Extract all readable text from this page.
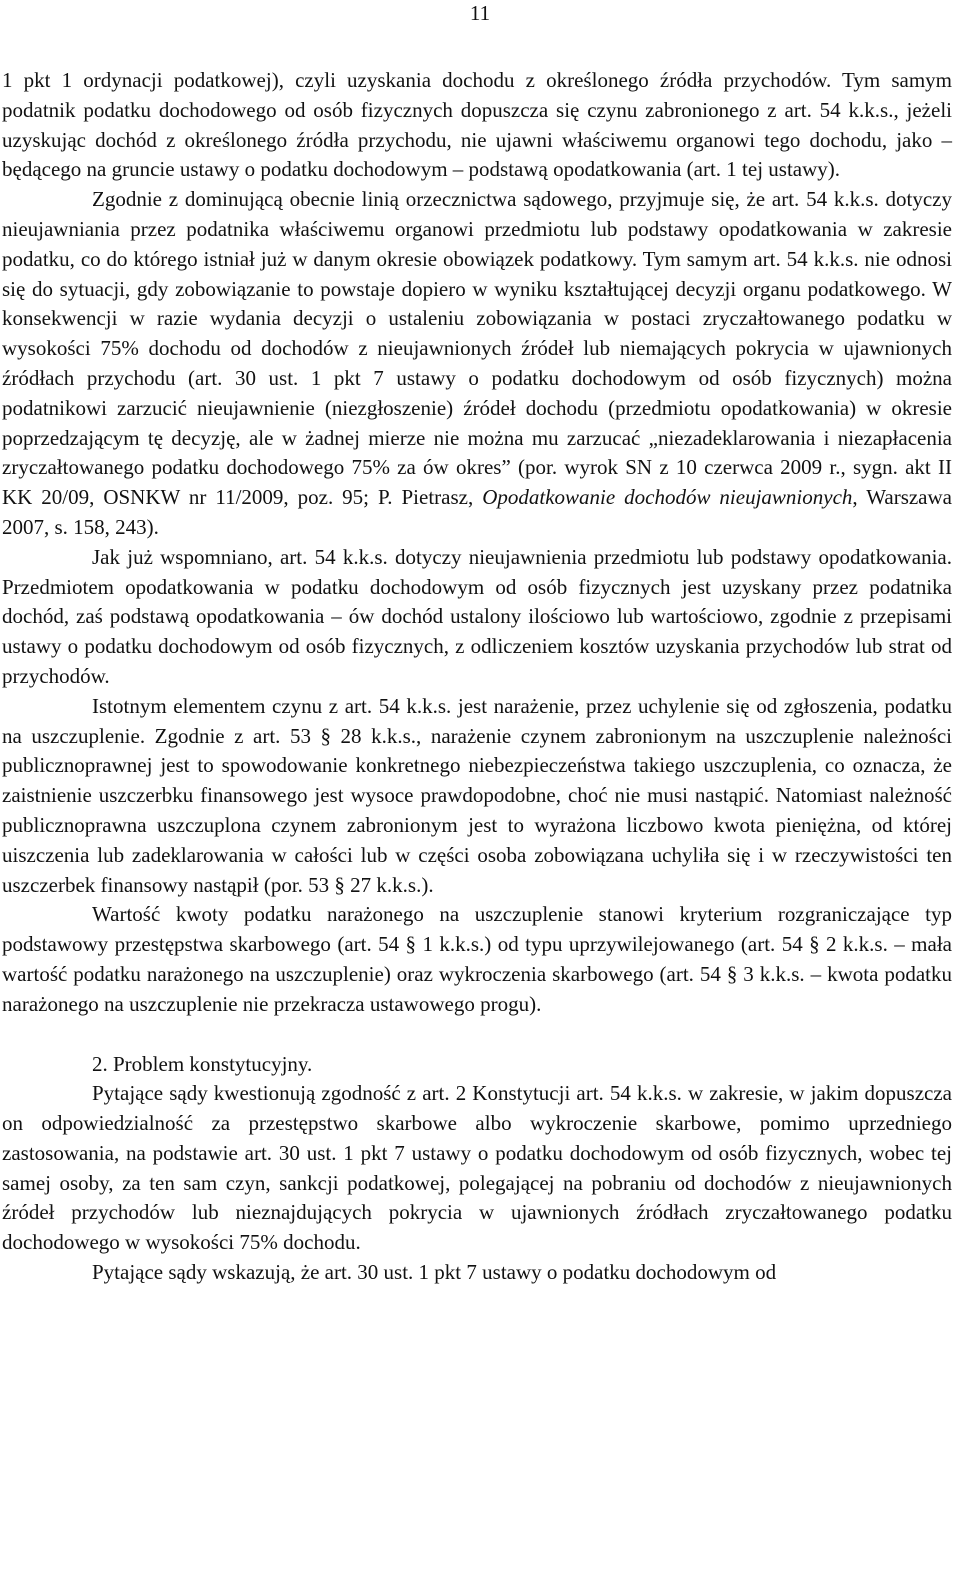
11

1 pkt 1 ordynacji podatkowej), czyli uzyskania dochodu z określonego źródła przychodów. Tym samym podatnik podatku dochodowego od osób fizycznych dopuszcza się czynu zabronionego z art. 54 k.k.s., jeżeli uzyskując dochód z określonego źródła przychodu, nie ujawni właściwemu organowi tego dochodu, jako – będącego na gruncie ustawy o podatku dochodowym – podstawą opodatkowania (art. 1 tej ustawy).

Zgodnie z dominującą obecnie linią orzecznictwa sądowego, przyjmuje się, że art. 54 k.k.s. dotyczy nieujawniania przez podatnika właściwemu organowi przedmiotu lub podstawy opodatkowania w zakresie podatku, co do którego istniał już w danym okresie obowiązek podatkowy. Tym samym art. 54 k.k.s. nie odnosi się do sytuacji, gdy zobowiązanie to powstaje dopiero w wyniku kształtującej decyzji organu podatkowego. W konsekwencji w razie wydania decyzji o ustaleniu zobowiązania w postaci zryczałtowanego podatku w wysokości 75% dochodu od dochodów z nieujawnionych źródeł lub niemających pokrycia w ujawnionych źródłach przychodu (art. 30 ust. 1 pkt 7 ustawy o podatku dochodowym od osób fizycznych) można podatnikowi zarzucić nieujawnienie (niezgłoszenie) źródeł dochodu (przedmiotu opodatkowania) w okresie poprzedzającym tę decyzję, ale w żadnej mierze nie można mu zarzucać „niezadeklarowania i niezapłacenia zryczałtowanego podatku dochodowego 75% za ów okres” (por. wyrok SN z 10 czerwca 2009 r., sygn. akt II KK 20/09, OSNKW nr 11/2009, poz. 95; P. Pietrasz, Opodatkowanie dochodów nieujawnionych, Warszawa 2007, s. 158, 243).

Jak już wspomniano, art. 54 k.k.s. dotyczy nieujawnienia przedmiotu lub podstawy opodatkowania. Przedmiotem opodatkowania w podatku dochodowym od osób fizycznych jest uzyskany przez podatnika dochód, zaś podstawą opodatkowania – ów dochód ustalony ilościowo lub wartościowo, zgodnie z przepisami ustawy o podatku dochodowym od osób fizycznych, z odliczeniem kosztów uzyskania przychodów lub strat od przychodów.

Istotnym elementem czynu z art. 54 k.k.s. jest narażenie, przez uchylenie się od zgłoszenia, podatku na uszczuplenie. Zgodnie z art. 53 § 28 k.k.s., narażenie czynem zabronionym na uszczuplenie należności publicznoprawnej jest to spowodowanie konkretnego niebezpieczeństwa takiego uszczuplenia, co oznacza, że zaistnienie uszczerbku finansowego jest wysoce prawdopodobne, choć nie musi nastąpić. Natomiast należność publicznoprawna uszczuplona czynem zabronionym jest to wyrażona liczbowo kwota pieniężna, od której uiszczenia lub zadeklarowania w całości lub w części osoba zobowiązana uchyliła się i w rzeczywistości ten uszczerbek finansowy nastąpił (por. 53 § 27 k.k.s.).

Wartość kwoty podatku narażonego na uszczuplenie stanowi kryterium rozgraniczające typ podstawowy przestępstwa skarbowego (art. 54 § 1 k.k.s.) od typu uprzywilejowanego (art. 54 § 2 k.k.s. – mała wartość podatku narażonego na uszczuplenie) oraz wykroczenia skarbowego (art. 54 § 3 k.k.s. – kwota podatku narażonego na uszczuplenie nie przekracza ustawowego progu).

2. Problem konstytucyjny.

Pytające sądy kwestionują zgodność z art. 2 Konstytucji art. 54 k.k.s. w zakresie, w jakim dopuszcza on odpowiedzialność za przestępstwo skarbowe albo wykroczenie skarbowe, pomimo uprzedniego zastosowania, na podstawie art. 30 ust. 1 pkt 7 ustawy o podatku dochodowym od osób fizycznych, wobec tej samej osoby, za ten sam czyn, sankcji podatkowej, polegającej na pobraniu od dochodów z nieujawnionych źródeł przychodów lub nieznajdujących pokrycia w ujawnionych źródłach zryczałtowanego podatku dochodowego w wysokości 75% dochodu.

Pytające sądy wskazują, że art. 30 ust. 1 pkt 7 ustawy o podatku dochodowym od
